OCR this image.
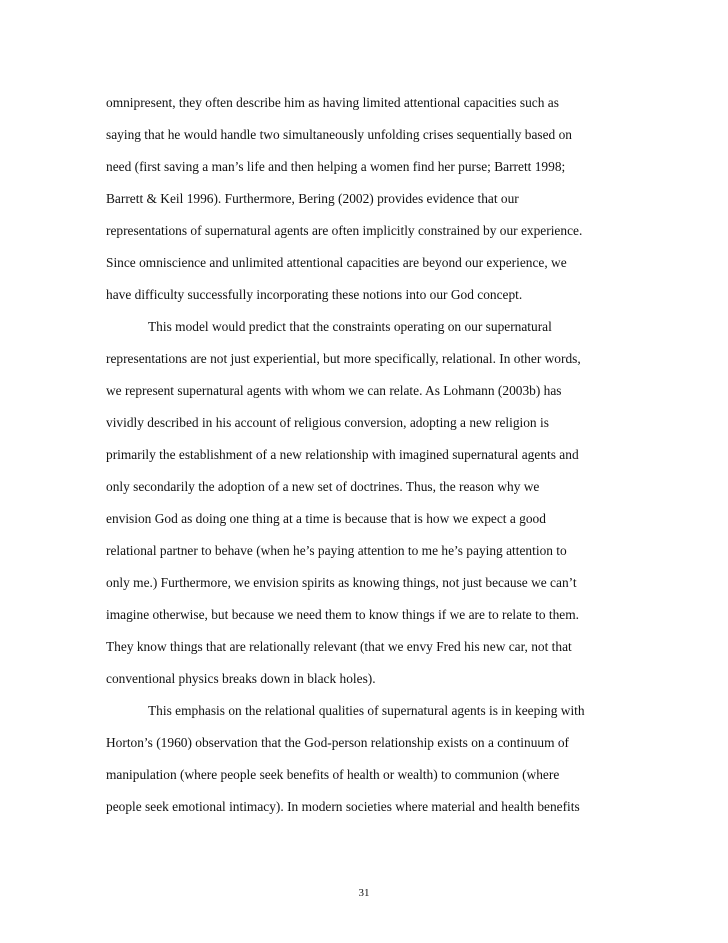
omnipresent, they often describe him as having limited attentional capacities such as
saying that he would handle two simultaneously unfolding crises sequentially based on
need (first saving a man’s life and then helping a women find her purse; Barrett 1998;
Barrett & Keil 1996). Furthermore, Bering (2002) provides evidence that our
representations of supernatural agents are often implicitly constrained by our experience.
Since omniscience and unlimited attentional capacities are beyond our experience, we
have difficulty successfully incorporating these notions into our God concept.
This model would predict that the constraints operating on our supernatural
representations are not just experiential, but more specifically, relational. In other words,
we represent supernatural agents with whom we can relate. As Lohmann (2003b) has
vividly described in his account of religious conversion, adopting a new religion is
primarily the establishment of a new relationship with imagined supernatural agents and
only secondarily the adoption of a new set of doctrines. Thus, the reason why we
envision God as doing one thing at a time is because that is how we expect a good
relational partner to behave (when he’s paying attention to me he’s paying attention to
only me.) Furthermore, we envision spirits as knowing things, not just because we can’t
imagine otherwise, but because we need them to know things if we are to relate to them.
They know things that are relationally relevant (that we envy Fred his new car, not that
conventional physics breaks down in black holes).
This emphasis on the relational qualities of supernatural agents is in keeping with
Horton’s (1960) observation that the God-person relationship exists on a continuum of
manipulation (where people seek benefits of health or wealth) to communion (where
people seek emotional intimacy). In modern societies where material and health benefits
31
